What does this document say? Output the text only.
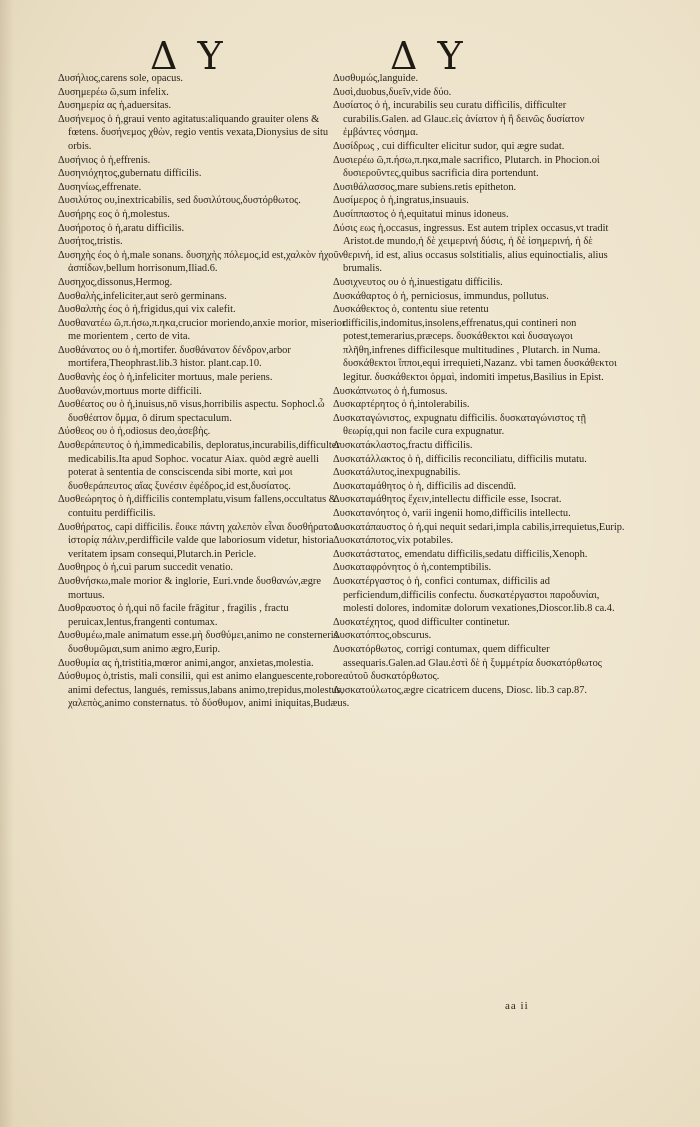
Δ Υ	Δ Υ

Δυσήλιος,carens sole, opacus.

Δυσημερέω ῶ,sum infelix.

Δυσημερία ας ἡ,aduersitas.

Δυσήνεμος ὁ ἡ,graui vento agitatus:aliquando grauiter olens & fœtens. δυσήνεμος χθὼν, regio ventis vexata,Dionysius de situ orbis.

Δυσήνιος ὁ ἡ,effrenis.

Δυσηνιόχητος,gubernatu difficilis.

Δυσηνίως,effrenate.

Δυσιλύτος ου,inextricabilis, sed δυσιλύτους,δυστόρθωτος.

Δυσήρης εος ὁ ἡ,molestus.

Δυσήροτος ὁ ἡ,aratu difficilis.

Δυσήτος,tristis.

Δυσηχὴς έος ὁ ἡ,male sonans. δυσηχὴς πόλεμος,id est,χαλκὸν ἠχοῦν ἀσπίδων,bellum horrisonum,Iliad.6.

Δυσηχος,dissonus,Hermog.

Δυσθαλὴς,infeliciter,aut serò germinans.

Δυσθαλπὴς έος ὁ ἡ,frigidus,qui vix calefit.

Δυσθανατέω ῶ,π.ήσω,π.ηκα,crucior moriendo,anxie morior, miserior me morientem , certo de vita.

Δυσθάνατος ου ὁ ἡ,mortifer. δυσθάνατον δένδρον,arbor mortifera,Theophrast.lib.3 histor. plant.cap.10.

Δυσθανὴς έος ὁ ἡ,infeliciter mortuus, male periens.

Δυσθανών,mortuus morte difficili.

Δυσθέατος ου ὁ ἡ,inuisus,nō visus,horribilis aspectu. Sophocl.ὦ δυσθέατον ὄμμα, ô dirum spectaculum.

Δύσθεος ου ὁ ἡ,odiosus deo,ἀσεβὴς.

Δυσθεράπευτος ὁ ἡ,immedicabilis, deploratus,incurabilis,difficulter medicabilis.Ita apud Sophoc. vocatur Aiax. quòd ægrè auelli poterat à sententia de consciscenda sibi morte, καὶ μοι δυσθεράπευτος αἴας ξυνέσιν ἐφέδρος,id est,δυσίατος.

Δυσθεώρητος ὁ ἡ,difficilis contemplatu,visum fallens,occultatus & contuitu perdifficilis.

Δυσθήρατος, capi difficilis. ἔοικε πάντη χαλεπὸν εἶναι δυσθήρατον ἰστορίᾳ πάλιν,perdifficile valde que laboriosum videtur, historia veritatem ipsam consequi,Plutarch.in Pericle.

Δυσθηρος ὁ ἡ,cui parum succedit venatio.

Δυσθνήσκω,male morior & inglorie, Euri.vnde δυσθανών,ægre mortuus.

Δυσθραυστος ὁ ἡ,qui nō facile frāgitur , fragilis , fractu peruicax,lentus,frangenti contumax.

Δυσθυμέω,male animatum esse.μὴ δυσθύμει,animo ne consterneris. δυσθυμῶμαι,sum animo ægro,Eurip.

Δυσθυμία ας ἡ,tristitia,mœror animi,angor, anxietas,molestia.

Δύσθυμος ὁ,tristis, mali consilii, qui est animo elanguescente,robore animi defectus, langués, remissus,labans animo,trepidus,molestus, χαλεπὸς,animo consternatus. τὸ δύσθυμον, animi iniquitas,Budæus.

Δυσθυμώς,languide.

Δυσὶ,duobus,δυεῖν,vide δύο.

Δυσίατος ὁ ἡ, incurabilis seu curatu difficilis, difficulter curabilis.Galen. ad Glauc.εἰς ἀνίατον ἡ ἢ δεινῶς δυσίατον ἐμβάντες νόσημα.

Δυσίδρως , cui difficulter elicitur sudor, qui ægre sudat.

Δυσιερέω ῶ,π.ήσω,π.ηκα,male sacrifico, Plutarch. in Phocion.οἱ δυσιεροῦντες,quibus sacrificia dira portendunt.

Δυσιθάλασσος,mare subiens.retis epitheton.

Δυσίμερος ὁ ἡ,ingratus,insuauis.

Δυσίππαστος ὁ ἡ,equitatui minus idoneus.

Δύσις εως ἡ,occasus, ingressus. Est autem triplex occasus,vt tradit Aristot.de mundo,ἡ δὲ χειμερινή δύσις, ἡ δὲ ἰσημερινή, ἡ δὲ θερινή, id est, alius occasus solstitialis, alius equinoctialis, alius brumalis.

Δυσιχνευτος ου ὁ ἡ,inuestigatu difficilis.

Δυσκάθαρτος ὁ ἡ, perniciosus, immundus, pollutus.

Δυσκάθεκτος ὁ, contentu siue retentu difficilis,indomitus,insolens,effrenatus,qui contineri non potest,temerarius,præceps. δυσκάθεκτοι καὶ δυσαγωγοι πλῆθη,infrenes difficilesque multitudines , Plutarch. in Numa. δυσκάθεκτοι ἵπποι,equi irrequieti,Nazanz. vbi tamen δυσκάθεκτοι legitur. δυσκάθεκτοι ὁρμαὶ, indomiti impetus,Basilius in Epist.

Δυσκάπνωτος ὁ ἡ,fumosus.

Δυσκαρτέρητος ὁ ἡ,intolerabilis.

Δυσκαταγώνιστος, expugnatu difficilis. δυσκαταγώνιστος τῇ θεωρίᾳ,qui non facile cura expugnatur.

Δυσκατάκλαστος,fractu difficilis.

Δυσκατάλλακτος ὁ ἡ, difficilis reconciliatu, difficilis mutatu.

Δυσκατάλυτος,inexpugnabilis.

Δυσκαταμάθητος ὁ ἡ, difficilis ad discendū.

Δυσκαταμάθητος ἔχειν,intellectu difficile esse, Isocrat.

Δυσκατανόητος ὁ, varii ingenii homo,difficilis intellectu.

Δυσκατάπαυστος ὁ ἡ,qui nequit sedari,impla cabilis,irrequietus,Eurip.

Δυσκατάποτος,vix potabiles.

Δυσκατάστατος, emendatu difficilis,sedatu difficilis,Xenoph.

Δυσκαταφρόνητος ὁ ἡ,contemptibilis.

Δυσκατέργαστος ὁ ἡ, confici contumax, difficilis ad perficiendum,difficilis confectu. δυσκατέργαστοι παροδυνίαι, molesti dolores, indomitæ dolorum vexationes,Dioscor.lib.8 ca.4.

Δυσκατέχητος, quod difficulter continetur.

Δυσκατόπτος,obscurus.

Δυσκατόρθωτος, corrigi contumax, quem difficulter assequaris.Galen.ad Glau.ἐστὶ δὲ ἡ ξυμμέτρία δυσκατόρθωτος αὐτοῦ δυσκατόρθωτος.

Δυσκατούλωτος,ægre cicatricem ducens, Diosc. lib.3 cap.87.

aa ii
